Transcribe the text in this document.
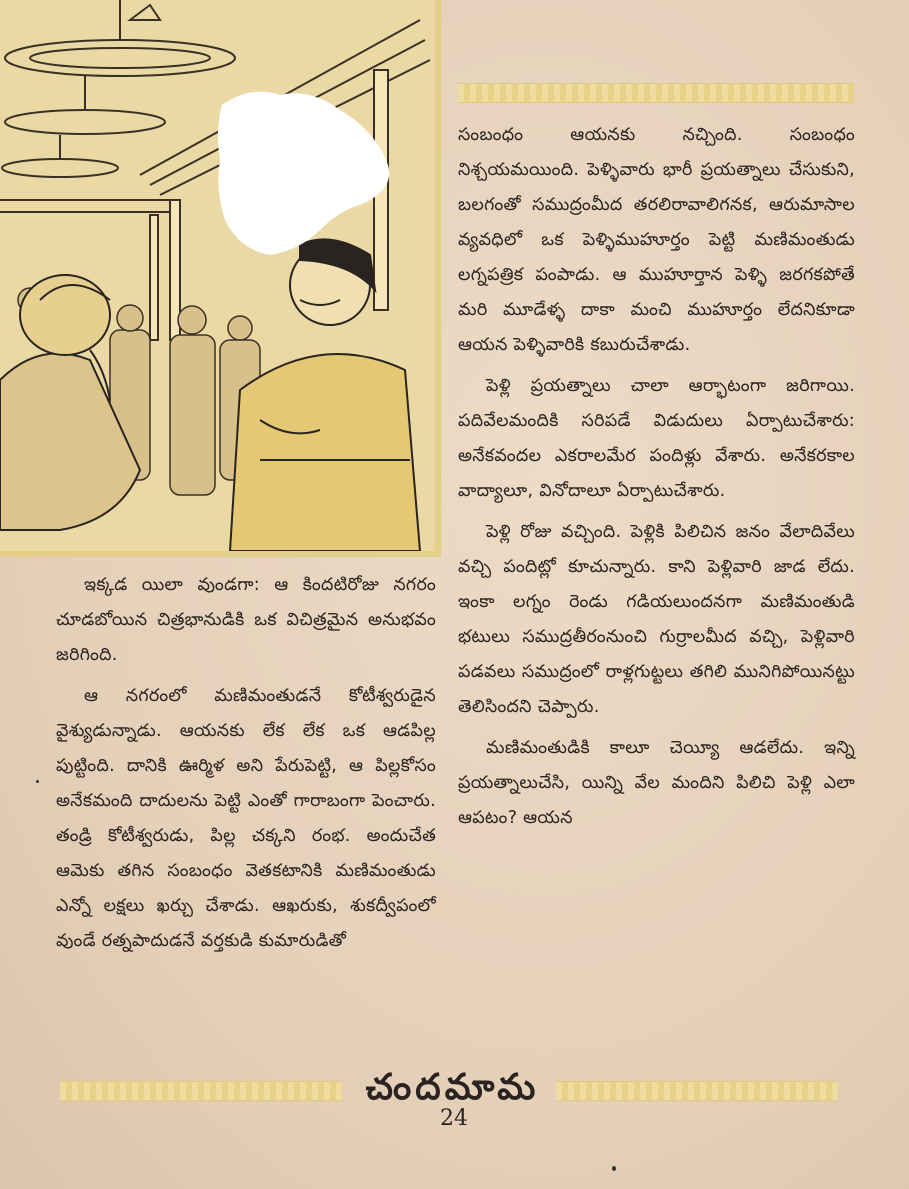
ఇక్కడ యిలా వుండగా: ఆ కిందటిరోజు నగరం చూడబోయిన చిత్రభానుడికి ఒక విచిత్రమైన అనుభవం జరిగింది.

ఆ నగరంలో మణిమంతుడనే కోటీశ్వరుడైన వైశ్యుడున్నాడు. ఆయనకు లేక లేక ఒక ఆడపిల్ల పుట్టింది. దానికి ఊర్మిళ అని పేరుపెట్టి, ఆ పిల్లకోసం అనేకమంది దాదులను పెట్టి ఎంతో గారాబంగా పెంచారు. తండ్రి కోటీశ్వరుడు, పిల్ల చక్కని రంభ. అందుచేత ఆమెకు తగిన సంబంధం వెతకటానికి మణిమంతుడు ఎన్నో లక్షలు ఖర్చు చేశాడు. ఆఖరుకు, శుకద్వీపంలో వుండే రత్నపాదుడనే వర్తకుడి కుమారుడితో

సంబంధం ఆయనకు నచ్చింది. సంబంధం నిశ్చయమయింది. పెళ్ళివారు భారీ ప్రయత్నాలు చేసుకుని, బలగంతో సముద్రంమీద తరలిరావాలిగనక, ఆరుమాసాల వ్యవధిలో ఒక పెళ్ళిముహూర్తం పెట్టి మణిమంతుడు లగ్నపత్రిక పంపాడు. ఆ ముహూర్తాన పెళ్ళి జరగకపోతే మరి మూడేళ్ళ దాకా మంచి ముహూర్తం లేదనికూడా ఆయన పెళ్ళివారికి కబురుచేశాడు.

పెళ్లి ప్రయత్నాలు చాలా ఆర్భాటంగా జరిగాయి. పదివేలమందికి సరిపడే విడుదులు ఏర్పాటుచేశారు: అనేకవందల ఎకరాలమేర పందిళ్లు వేశారు. అనేకరకాల వాద్యాలూ, వినోదాలూ ఏర్పాటుచేశారు.

పెళ్లి రోజు వచ్చింది. పెళ్లికి పిలిచిన జనం వేలాదివేలు వచ్చి పందిట్లో కూచున్నారు. కాని పెళ్లివారి జాడ లేదు. ఇంకా లగ్నం రెండు గడియలుందనగా మణిమంతుడి భటులు సముద్రతీరంనుంచి గుర్రాలమీద వచ్చి, పెళ్లివారి పడవలు సముద్రంలో రాళ్లగుట్టలు తగిలి మునిగిపోయినట్టు తెలిసిందని చెప్పారు.

మణిమంతుడికి కాలూ చెయ్యీ ఆడలేదు. ఇన్ని ప్రయత్నాలుచేసి, యిన్ని వేల మందిని పిలిచి పెళ్లి ఎలా ఆపటం? ఆయన

చందమామ
24
